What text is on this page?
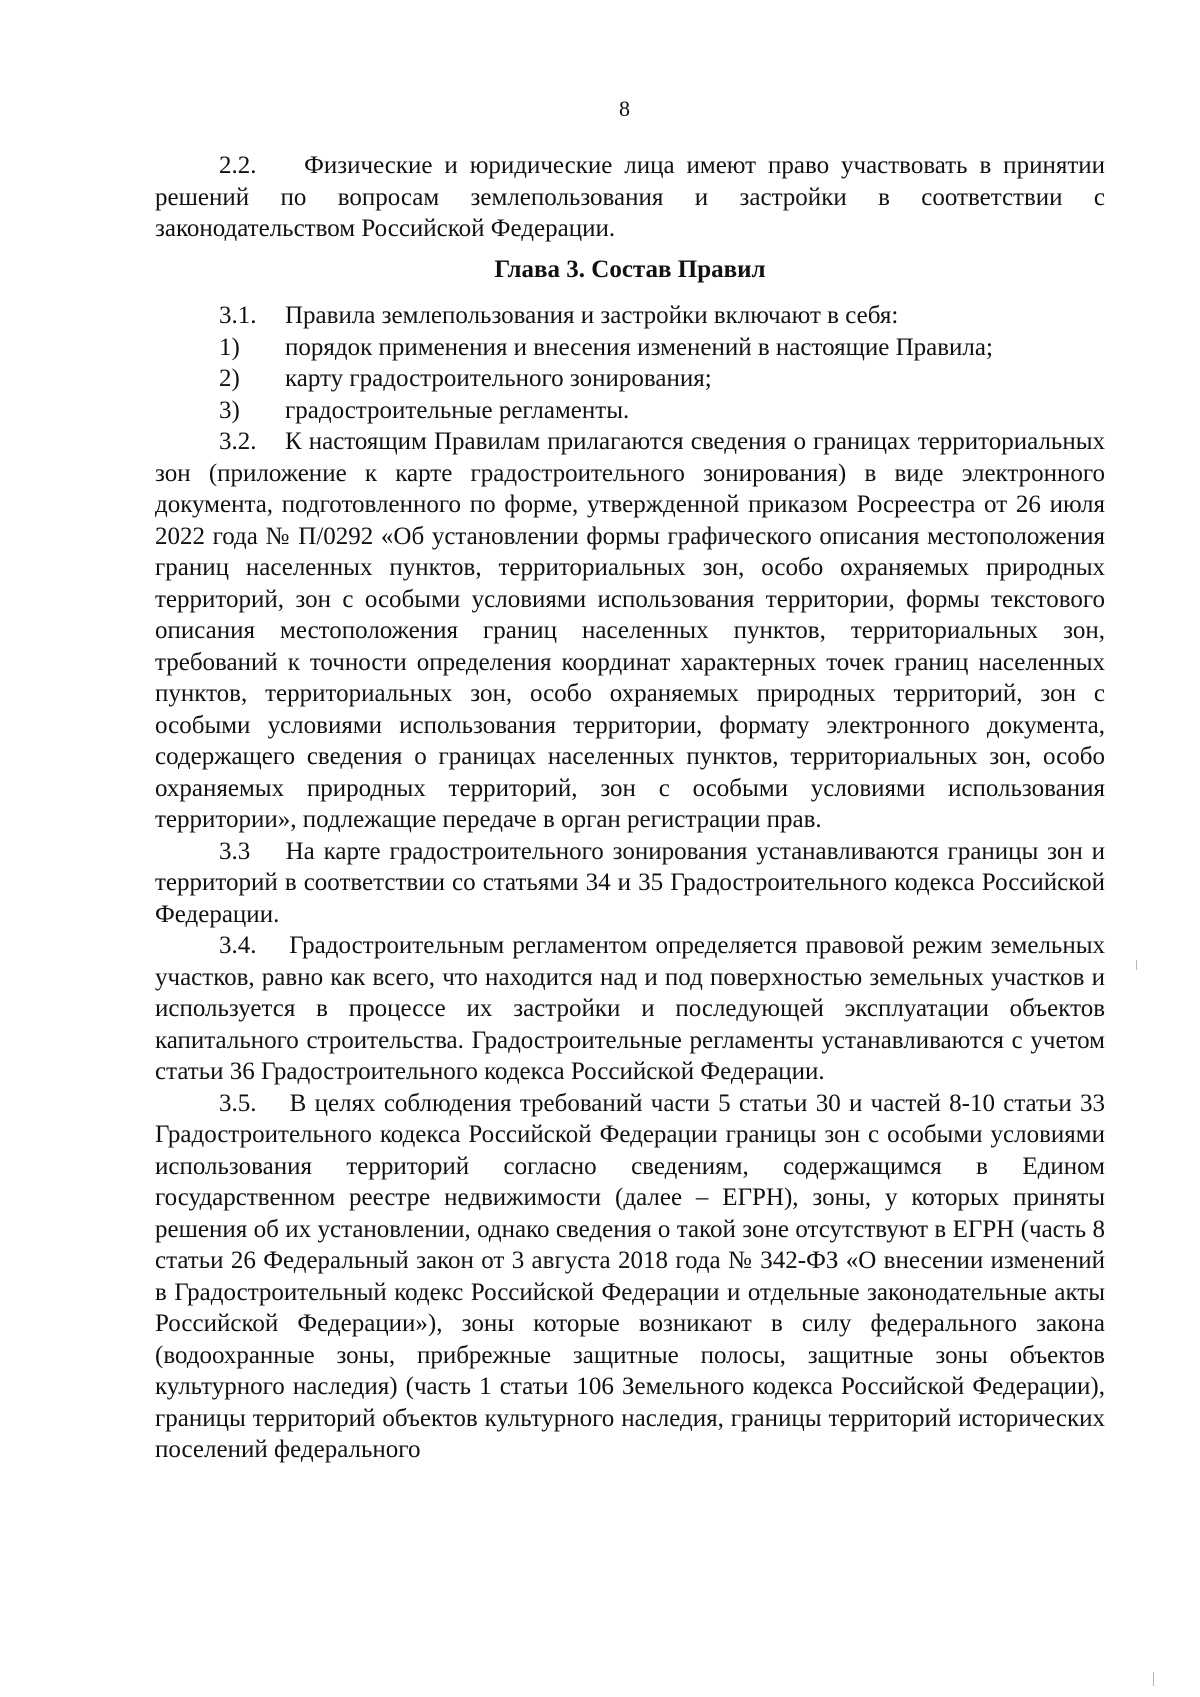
8

2.2. Физические и юридические лица имеют право участвовать в принятии решений по вопросам землепользования и застройки в соответствии с законодательством Российской Федерации.

Глава 3. Состав Правил
3.1.	Правила землепользования и застройки включают в себя:
1)	порядок применения и внесения изменений в настоящие Правила;
2)	карту градостроительного зонирования;
3)	градостроительные регламенты.

3.2. К настоящим Правилам прилагаются сведения о границах территориальных зон (приложение к карте градостроительного зонирования) в виде электронного документа, подготовленного по форме, утвержденной приказом Росреестра от 26 июля 2022 года № П/0292 «Об установлении формы графического описания местоположения границ населенных пунктов, территориальных зон, особо охраняемых природных территорий, зон с особыми условиями использования территории, формы текстового описания местоположения границ населенных пунктов, территориальных зон, требований к точности определения координат характерных точек границ населенных пунктов, территориальных зон, особо охраняемых природных территорий, зон с особыми условиями использования территории, формату электронного документа, содержащего сведения о границах населенных пунктов, территориальных зон, особо охраняемых природных территорий, зон с особыми условиями использования территории», подлежащие передаче в орган регистрации прав.

3.3 На карте градостроительного зонирования устанавливаются границы зон и территорий в соответствии со статьями 34 и 35 Градостроительного кодекса Российской Федерации.

3.4. Градостроительным регламентом определяется правовой режим земельных участков, равно как всего, что находится над и под поверхностью земельных участков и используется в процессе их застройки и последующей эксплуатации объектов капитального строительства. Градостроительные регламенты устанавливаются с учетом статьи 36 Градостроительного кодекса Российской Федерации.

3.5. В целях соблюдения требований части 5 статьи 30 и частей 8-10 статьи 33 Градостроительного кодекса Российской Федерации границы зон с особыми условиями использования территорий согласно сведениям, содержащимся в Едином государственном реестре недвижимости (далее – ЕГРН), зоны, у которых приняты решения об их установлении, однако сведения о такой зоне отсутствуют в ЕГРН (часть 8 статьи 26 Федеральный закон от 3 августа 2018 года № 342-ФЗ «О внесении изменений в Градостроительный кодекс Российской Федерации и отдельные законодательные акты Российской Федерации»), зоны которые возникают в силу федерального закона (водоохранные зоны, прибрежные защитные полосы, защитные зоны объектов культурного наследия) (часть 1 статьи 106 Земельного кодекса Российской Федерации), границы территорий объектов культурного наследия, границы территорий исторических поселений федерального
